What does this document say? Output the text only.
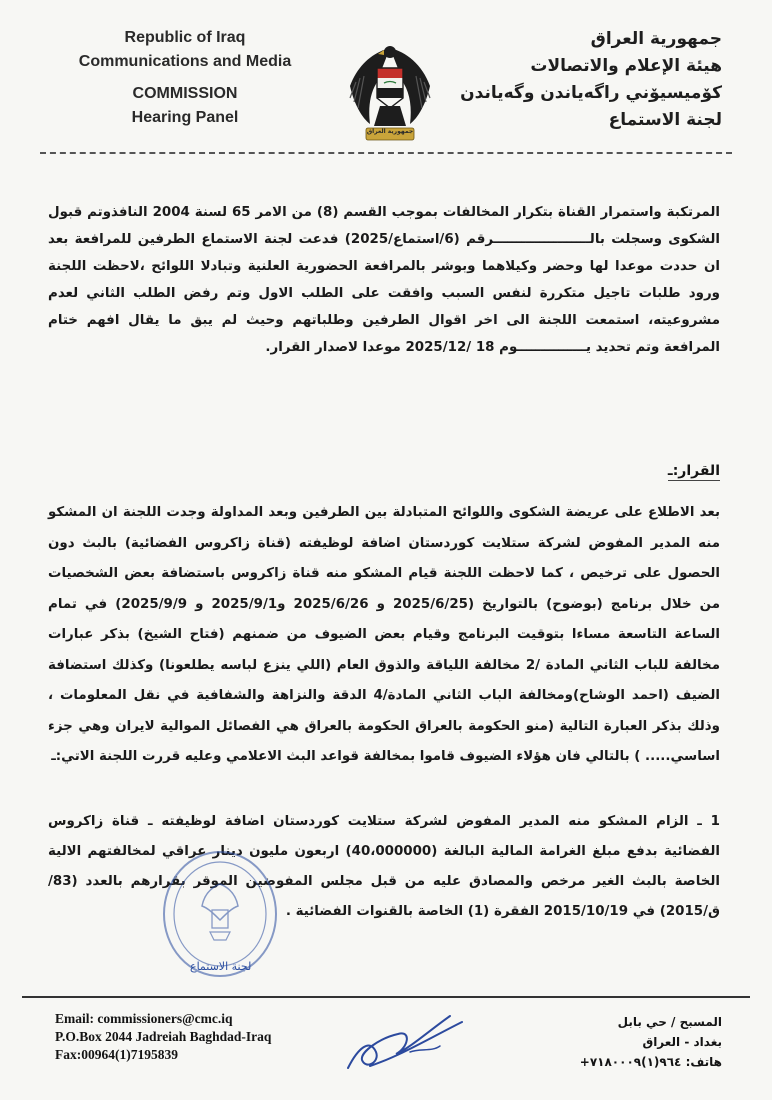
Republic of Iraq
Communications and Media
COMMISSION
Hearing Panel
جمهورية العراق
جمهورية العراق
هيئة الإعلام والاتصالات
كۆميسيۆني راگەياندن وگەياندن
لجنة الاستماع

المرتكبة واستمرار القناة بتكرار المخالفات بموجب القسم (8) من الامر 65 لسنة 2004 النافذوتم قبول الشكوى وسجلت بالـــــــــــــــــــــرقم (6/استماع/2025) فدعت لجنة الاستماع الطرفين للمرافعة بعد ان حددت موعدا لها وحضر وكيلاهما وبوشر بالمرافعة الحضورية العلنية وتبادلا اللوائح ،لاحظت اللجنة ورود طلبات تاجيل متكررة لنفس السبب وافقت على الطلب الاول وتم رفض الطلب الثاني لعدم مشروعيته، استمعت اللجنة الى اخر اقوال الطرفين وطلباتهم وحيث لم يبق ما يقال افهم ختام المرافعة وتم تحديد يـــــــــــــــوم 18 /2025/12 موعدا لاصدار القرار.

القرار:ـ

بعد الاطلاع على عريضة الشكوى واللوائح المتبادلة بين الطرفين وبعد المداولة وجدت اللجنة ان المشكو منه المدير المفوض لشركة ستلايت كوردستان اضافة لوظيفته (قناة زاكروس الفضائية) بالبث دون الحصول على ترخيص ، كما لاحظت اللجنة قيام المشكو منه قناة زاكروس باستضافة بعض الشخصيات من خلال برنامج (بوضوح) بالتواريخ (2025/6/25 و 2025/6/26 و2025/9/1 و 2025/9/9) في تمام الساعة التاسعة مساءا بتوقيت البرنامج وقيام بعض الضيوف من ضمنهم (فتاح الشيخ) بذكر عبارات مخالفة للباب الثاني المادة /2 مخالفة اللياقة والذوق العام (اللي ينزع لباسه يطلعونا) وكذلك استضافة الضيف (احمد الوشاح)ومخالفة الباب الثاني المادة/4 الدقة والنزاهة والشفافية في نقل المعلومات ، وذلك بذكر العبارة التالية (منو الحكومة بالعراق الحكومة بالعراق هي الفصائل الموالية لايران وهي جزء اساسي..... ) بالتالي فان هؤلاء الضيوف قاموا بمخالفة قواعد البث الاعلامي وعليه قررت اللجنة الاتي:ـ

1 ـ الزام المشكو منه المدير المفوض لشركة ستلايت كوردستان اضافة لوظيفته ـ قناة زاكروس الفضائية بدفع مبلغ الغرامة المالية البالغة (40،000000) اربعون مليون دينار عراقي لمخالفتهم الالية الخاصة بالبث الغير مرخص والمصادق عليه من قبل مجلس المفوضين الموقر بقرارهم بالعدد (83/ق/2015) في 2015/10/19 الفقرة (1) الخاصة بالقنوات الفضائية .

لجنة الاستماع
Email: commissioners@cmc.iq
P.O.Box 2044 Jadreiah Baghdad-Iraq
Fax:00964(1)7195839
المسبح / حي بابل
بغداد - العراق
هاتف: ٩٦٤(١)٧١٨٠٠٠٩+
